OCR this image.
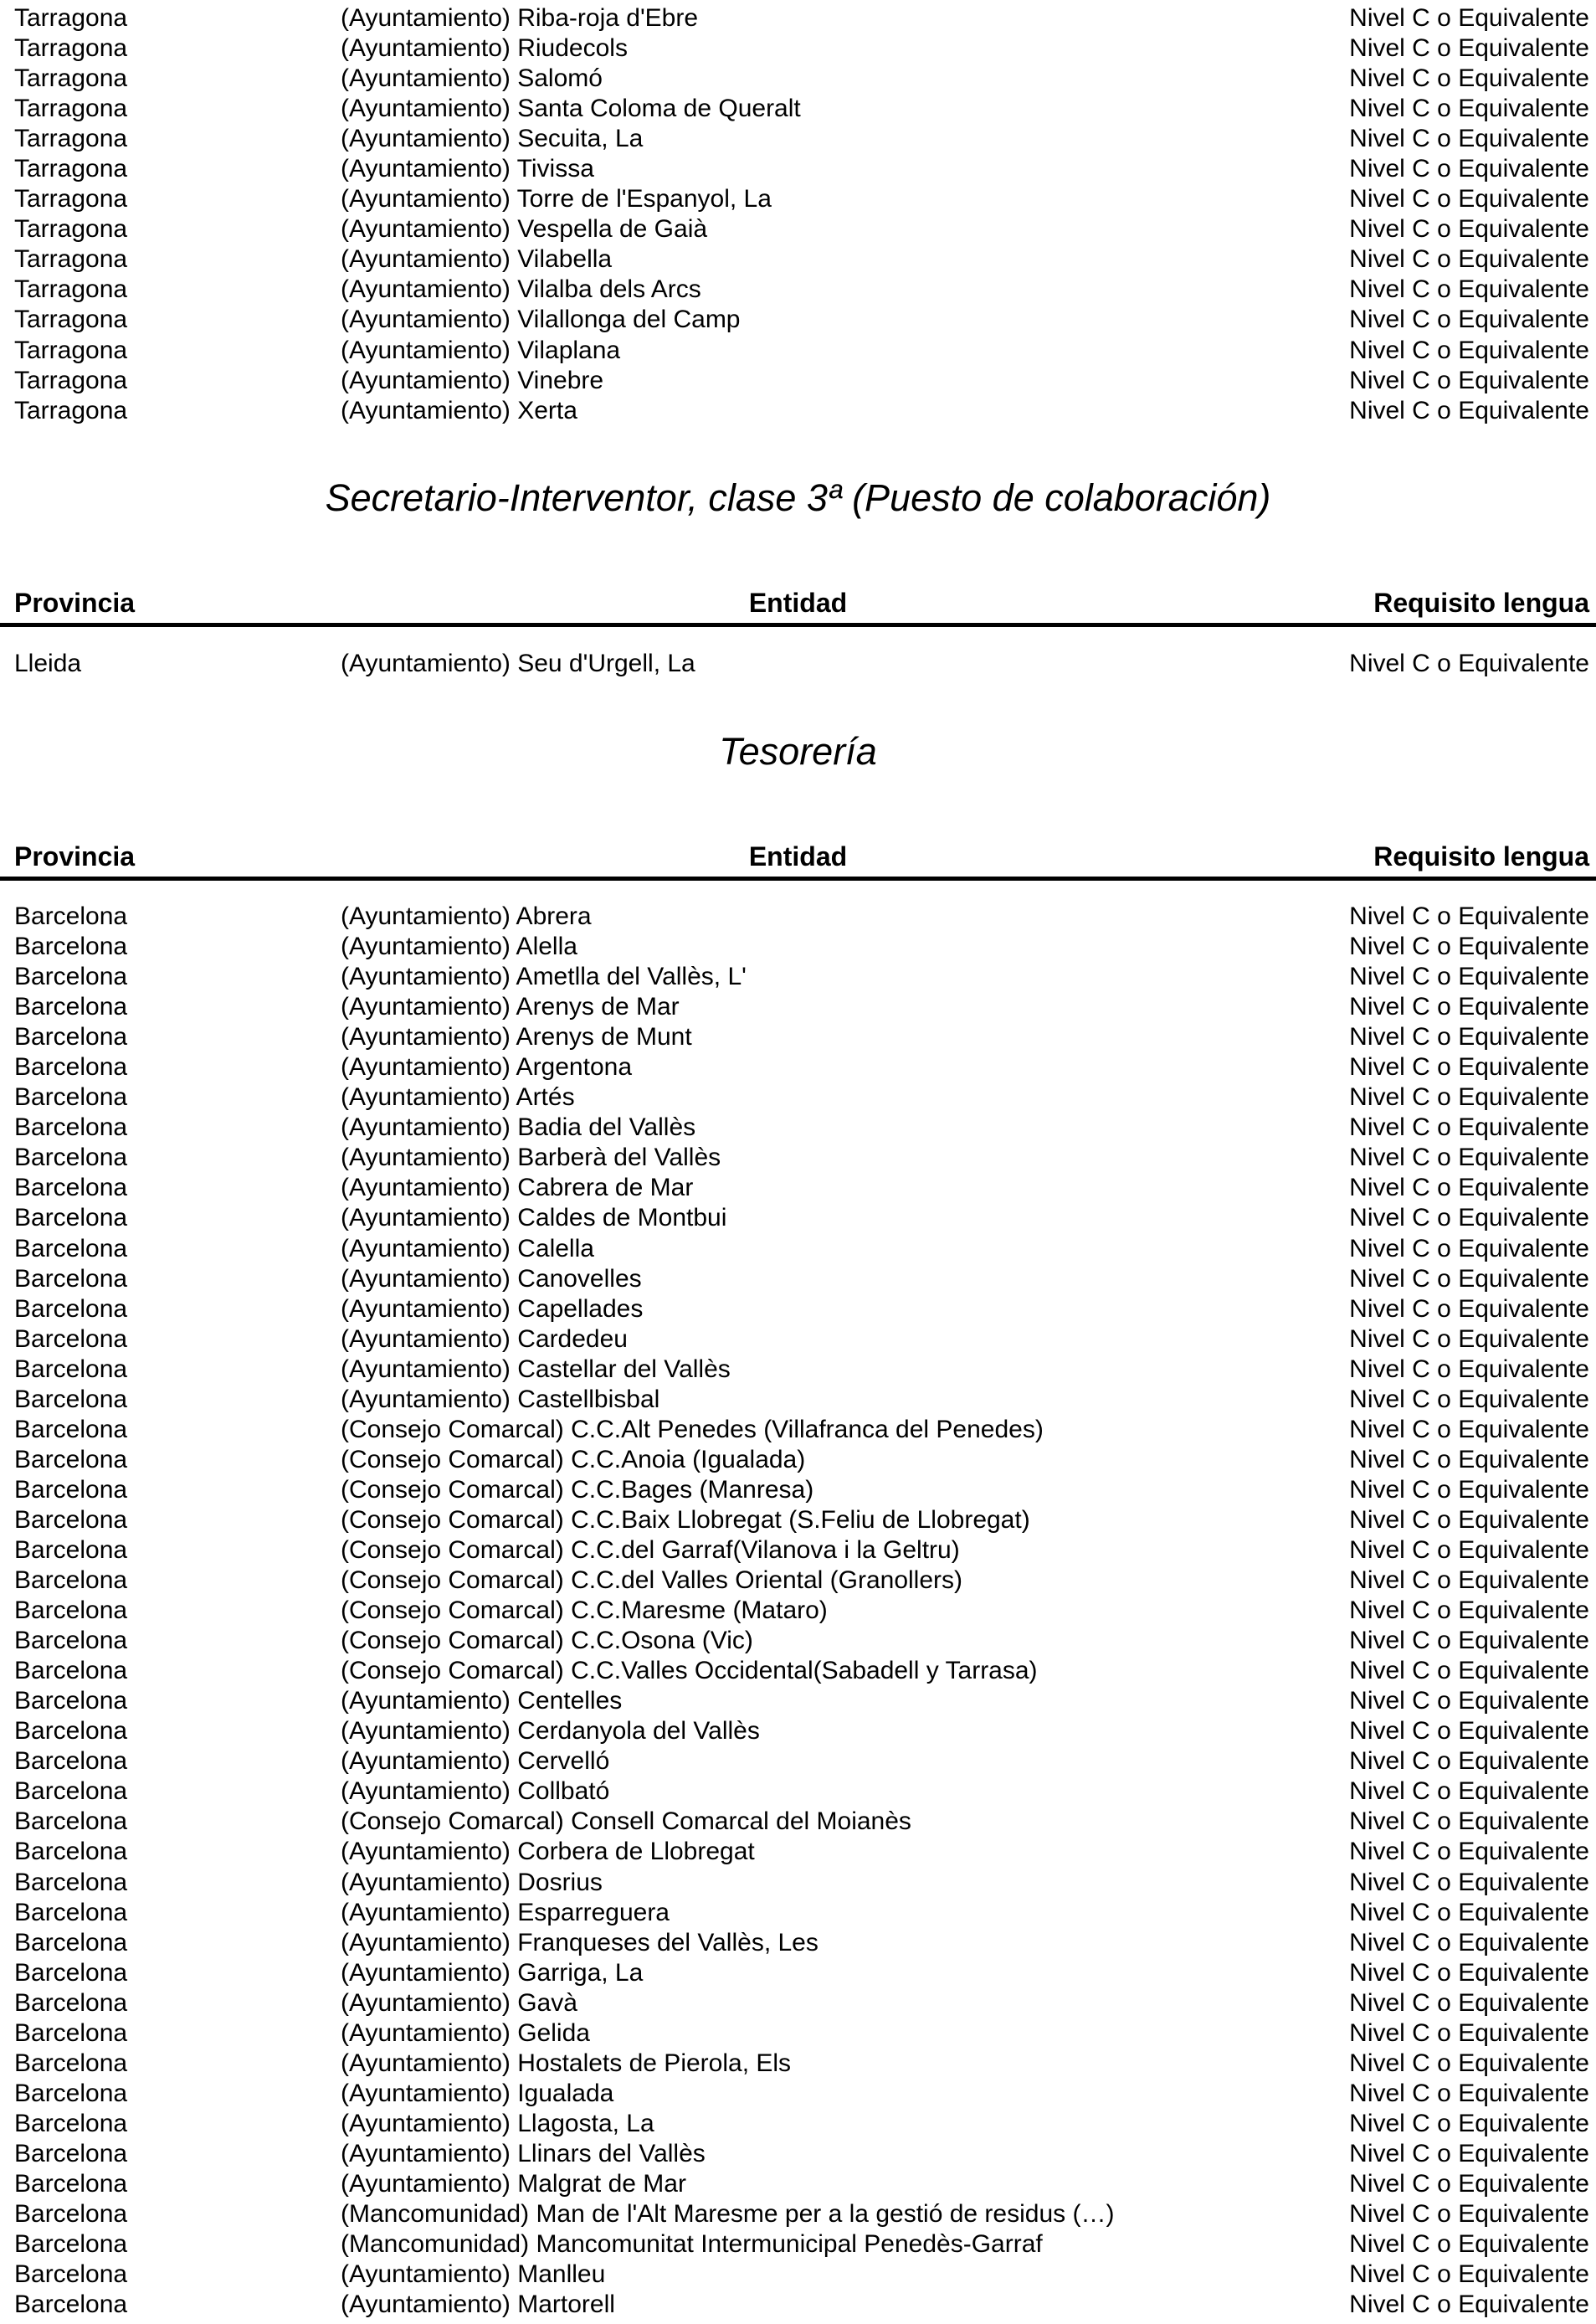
Tarragona	(Ayuntamiento) Riba-roja d'Ebre	Nivel C o Equivalente
Tarragona	(Ayuntamiento) Riudecols	Nivel C o Equivalente
Tarragona	(Ayuntamiento) Salomó	Nivel C o Equivalente
Tarragona	(Ayuntamiento) Santa Coloma de Queralt	Nivel C o Equivalente
Tarragona	(Ayuntamiento) Secuita, La	Nivel C o Equivalente
Tarragona	(Ayuntamiento) Tivissa	Nivel C o Equivalente
Tarragona	(Ayuntamiento) Torre de l'Espanyol, La	Nivel C o Equivalente
Tarragona	(Ayuntamiento) Vespella de Gaià	Nivel C o Equivalente
Tarragona	(Ayuntamiento) Vilabella	Nivel C o Equivalente
Tarragona	(Ayuntamiento) Vilalba dels Arcs	Nivel C o Equivalente
Tarragona	(Ayuntamiento) Vilallonga del Camp	Nivel C o Equivalente
Tarragona	(Ayuntamiento) Vilaplana	Nivel C o Equivalente
Tarragona	(Ayuntamiento) Vinebre	Nivel C o Equivalente
Tarragona	(Ayuntamiento) Xerta	Nivel C o Equivalente
Secretario-Interventor, clase 3ª (Puesto de colaboración)
Provincia	Entidad	Requisito lengua
Lleida	(Ayuntamiento) Seu d'Urgell, La	Nivel C o Equivalente
Tesorería
Provincia	Entidad	Requisito lengua
Barcelona	(Ayuntamiento) Abrera	Nivel C o Equivalente
Barcelona	(Ayuntamiento) Alella	Nivel C o Equivalente
Barcelona	(Ayuntamiento) Ametlla del Vallès, L'	Nivel C o Equivalente
Barcelona	(Ayuntamiento) Arenys de Mar	Nivel C o Equivalente
Barcelona	(Ayuntamiento) Arenys de Munt	Nivel C o Equivalente
Barcelona	(Ayuntamiento) Argentona	Nivel C o Equivalente
Barcelona	(Ayuntamiento) Artés	Nivel C o Equivalente
Barcelona	(Ayuntamiento) Badia del Vallès	Nivel C o Equivalente
Barcelona	(Ayuntamiento) Barberà del Vallès	Nivel C o Equivalente
Barcelona	(Ayuntamiento) Cabrera de Mar	Nivel C o Equivalente
Barcelona	(Ayuntamiento) Caldes de Montbui	Nivel C o Equivalente
Barcelona	(Ayuntamiento) Calella	Nivel C o Equivalente
Barcelona	(Ayuntamiento) Canovelles	Nivel C o Equivalente
Barcelona	(Ayuntamiento) Capellades	Nivel C o Equivalente
Barcelona	(Ayuntamiento) Cardedeu	Nivel C o Equivalente
Barcelona	(Ayuntamiento) Castellar del Vallès	Nivel C o Equivalente
Barcelona	(Ayuntamiento) Castellbisbal	Nivel C o Equivalente
Barcelona	(Consejo Comarcal) C.C.Alt Penedes (Villafranca del Penedes)	Nivel C o Equivalente
Barcelona	(Consejo Comarcal) C.C.Anoia (Igualada)	Nivel C o Equivalente
Barcelona	(Consejo Comarcal) C.C.Bages (Manresa)	Nivel C o Equivalente
Barcelona	(Consejo Comarcal) C.C.Baix Llobregat (S.Feliu de Llobregat)	Nivel C o Equivalente
Barcelona	(Consejo Comarcal) C.C.del Garraf(Vilanova i la Geltru)	Nivel C o Equivalente
Barcelona	(Consejo Comarcal) C.C.del Valles Oriental (Granollers)	Nivel C o Equivalente
Barcelona	(Consejo Comarcal) C.C.Maresme (Mataro)	Nivel C o Equivalente
Barcelona	(Consejo Comarcal) C.C.Osona (Vic)	Nivel C o Equivalente
Barcelona	(Consejo Comarcal) C.C.Valles Occidental(Sabadell y Tarrasa)	Nivel C o Equivalente
Barcelona	(Ayuntamiento) Centelles	Nivel C o Equivalente
Barcelona	(Ayuntamiento) Cerdanyola del Vallès	Nivel C o Equivalente
Barcelona	(Ayuntamiento) Cervelló	Nivel C o Equivalente
Barcelona	(Ayuntamiento) Collbató	Nivel C o Equivalente
Barcelona	(Consejo Comarcal) Consell Comarcal del Moianès	Nivel C o Equivalente
Barcelona	(Ayuntamiento) Corbera de Llobregat	Nivel C o Equivalente
Barcelona	(Ayuntamiento) Dosrius	Nivel C o Equivalente
Barcelona	(Ayuntamiento) Esparreguera	Nivel C o Equivalente
Barcelona	(Ayuntamiento) Franqueses del Vallès, Les	Nivel C o Equivalente
Barcelona	(Ayuntamiento) Garriga, La	Nivel C o Equivalente
Barcelona	(Ayuntamiento) Gavà	Nivel C o Equivalente
Barcelona	(Ayuntamiento) Gelida	Nivel C o Equivalente
Barcelona	(Ayuntamiento) Hostalets de Pierola, Els	Nivel C o Equivalente
Barcelona	(Ayuntamiento) Igualada	Nivel C o Equivalente
Barcelona	(Ayuntamiento) Llagosta, La	Nivel C o Equivalente
Barcelona	(Ayuntamiento) Llinars del Vallès	Nivel C o Equivalente
Barcelona	(Ayuntamiento) Malgrat de Mar	Nivel C o Equivalente
Barcelona	(Mancomunidad) Man de l'Alt Maresme per a la gestió de residus (…)	Nivel C o Equivalente
Barcelona	(Mancomunidad) Mancomunitat Intermunicipal Penedès-Garraf	Nivel C o Equivalente
Barcelona	(Ayuntamiento) Manlleu	Nivel C o Equivalente
Barcelona	(Ayuntamiento) Martorell	Nivel C o Equivalente
